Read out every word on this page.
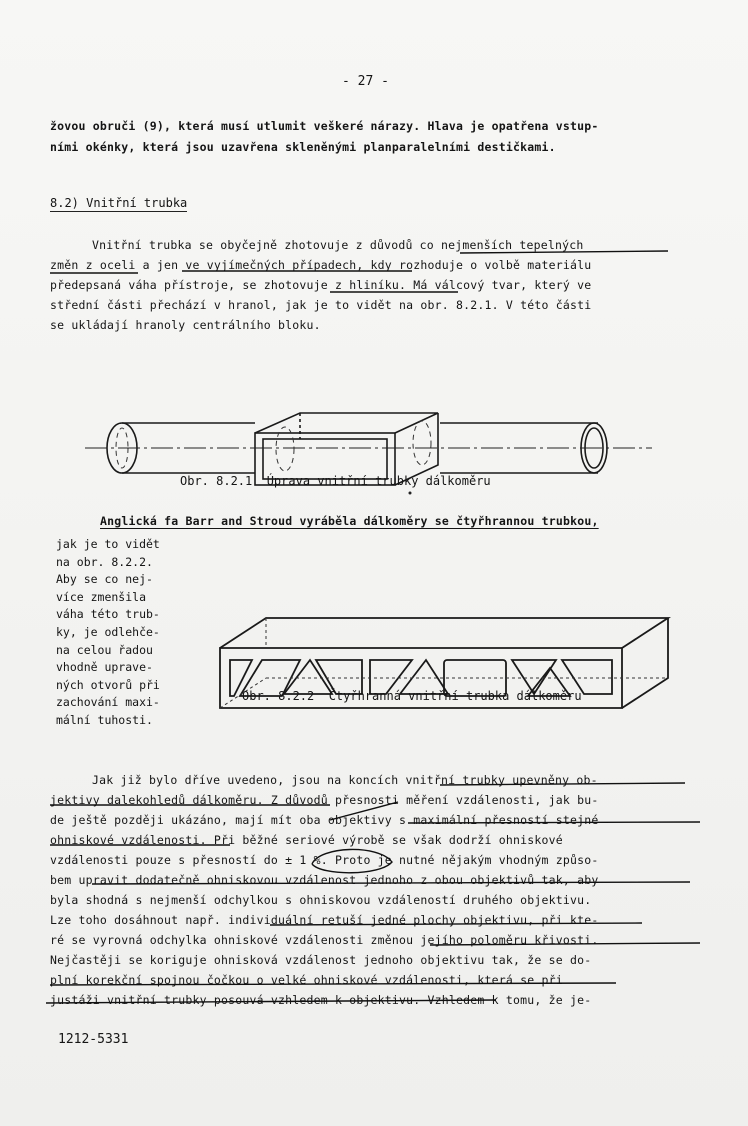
- 27 -
žovou obruči (9), která musí utlumit veškeré nárazy. Hlava je opatřena vstup-
ními okénky, která jsou uzavřena skleněnými planparalelními destičkami.
8.2) Vnitřní trubka
Vnitřní trubka se obyčejně zhotovuje z důvodů co nejmenších tepelných
změn z oceli a jen ve vyjímečných případech, kdy rozhoduje o volbě materiálu
předepsaná váha přístroje, se zhotovuje z hliníku. Má válcový tvar, který ve
střední části přechází v hranol, jak je to vidět na obr. 8.2.1. V této části
se ukládají hranoly centrálního bloku.

Obr. 8.2.1  Úprava vnitřní trubky dálkoměru
Anglická fa Barr and Stroud vyráběla dálkoměry se čtyřhrannou trubkou,
jak je to vidět
na obr. 8.2.2.
Aby se co nej-
více zmenšila
váha této trub-
ky, je odlehče-
na celou řadou
vhodně uprave-
ných otvorů při
zachování maxi-
mální tuhosti.

Obr. 8.2.2  Čtyřhranná vnitřní trubka dálkoměru
Jak již bylo dříve uvedeno, jsou na koncích vnitřní trubky upevněny ob-
jektivy dalekohledů dálkoměru. Z důvodů přesnosti měření vzdálenosti, jak bu-
de ještě později ukázáno, mají mít oba objektivy s maximální přesností stejné
ohniskové vzdálenosti. Při běžné seriové výrobě se však dodrží ohniskové
vzdálenosti pouze s přesností do ± 1 %. Proto je nutné nějakým vhodným způso-
bem upravit dodatečně ohniskovou vzdálenost jednoho z obou objektivů tak, aby
byla shodná s nejmenší odchylkou s ohniskovou vzdáleností druhého objektivu.
Lze toho dosáhnout např. individuální retuší jedné plochy objektivu, při kte-
ré se vyrovná odchylka ohniskové vzdálenosti změnou jejího poloměru křivosti.
Nejčastěji se koriguje ohnisková vzdálenost jednoho objektivu tak, že se do-
plní korekční spojnou čočkou o velké ohniskové vzdálenosti, která se při
justáži vnitřní trubky posouvá vzhledem k objektivu. Vzhledem k tomu, že je-
1212-5331
